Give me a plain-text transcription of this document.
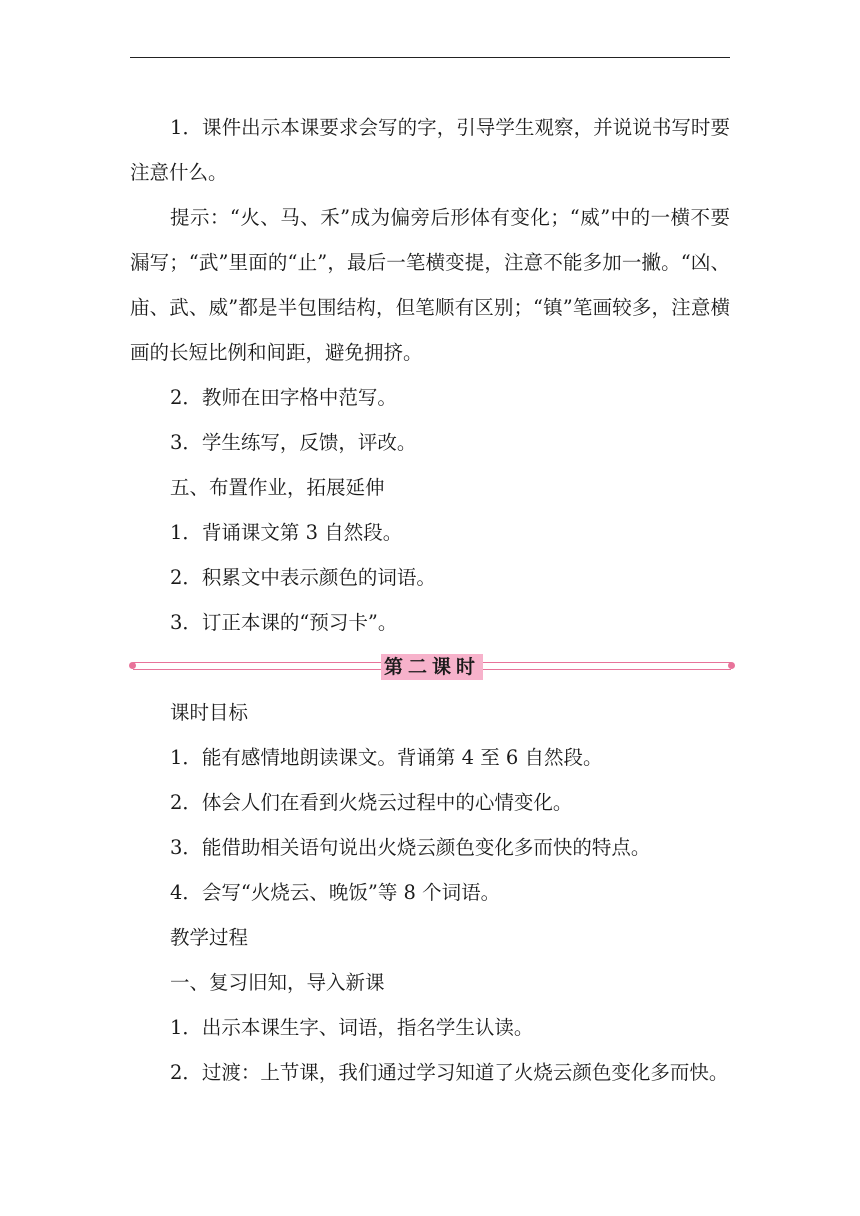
1．课件出示本课要求会写的字，引导学生观察，并说说书写时要注意什么。

提示：“火、马、禾”成为偏旁后形体有变化；“威”中的一横不要漏写；“武”里面的“止”，最后一笔横变提，注意不能多加一撇。“凶、庙、武、威”都是半包围结构，但笔顺有区别；“镇”笔画较多，注意横画的长短比例和间距，避免拥挤。

2．教师在田字格中范写。

3．学生练写，反馈，评改。

五、布置作业，拓展延伸

1．背诵课文第 3 自然段。

2．积累文中表示颜色的词语。

3．订正本课的“预习卡”。

第二课时

课时目标

1．能有感情地朗读课文。背诵第 4 至 6 自然段。

2．体会人们在看到火烧云过程中的心情变化。

3．能借助相关语句说出火烧云颜色变化多而快的特点。

4．会写“火烧云、晚饭”等 8 个词语。

教学过程

一、复习旧知，导入新课

1．出示本课生字、词语，指名学生认读。

2．过渡：上节课，我们通过学习知道了火烧云颜色变化多而快。
